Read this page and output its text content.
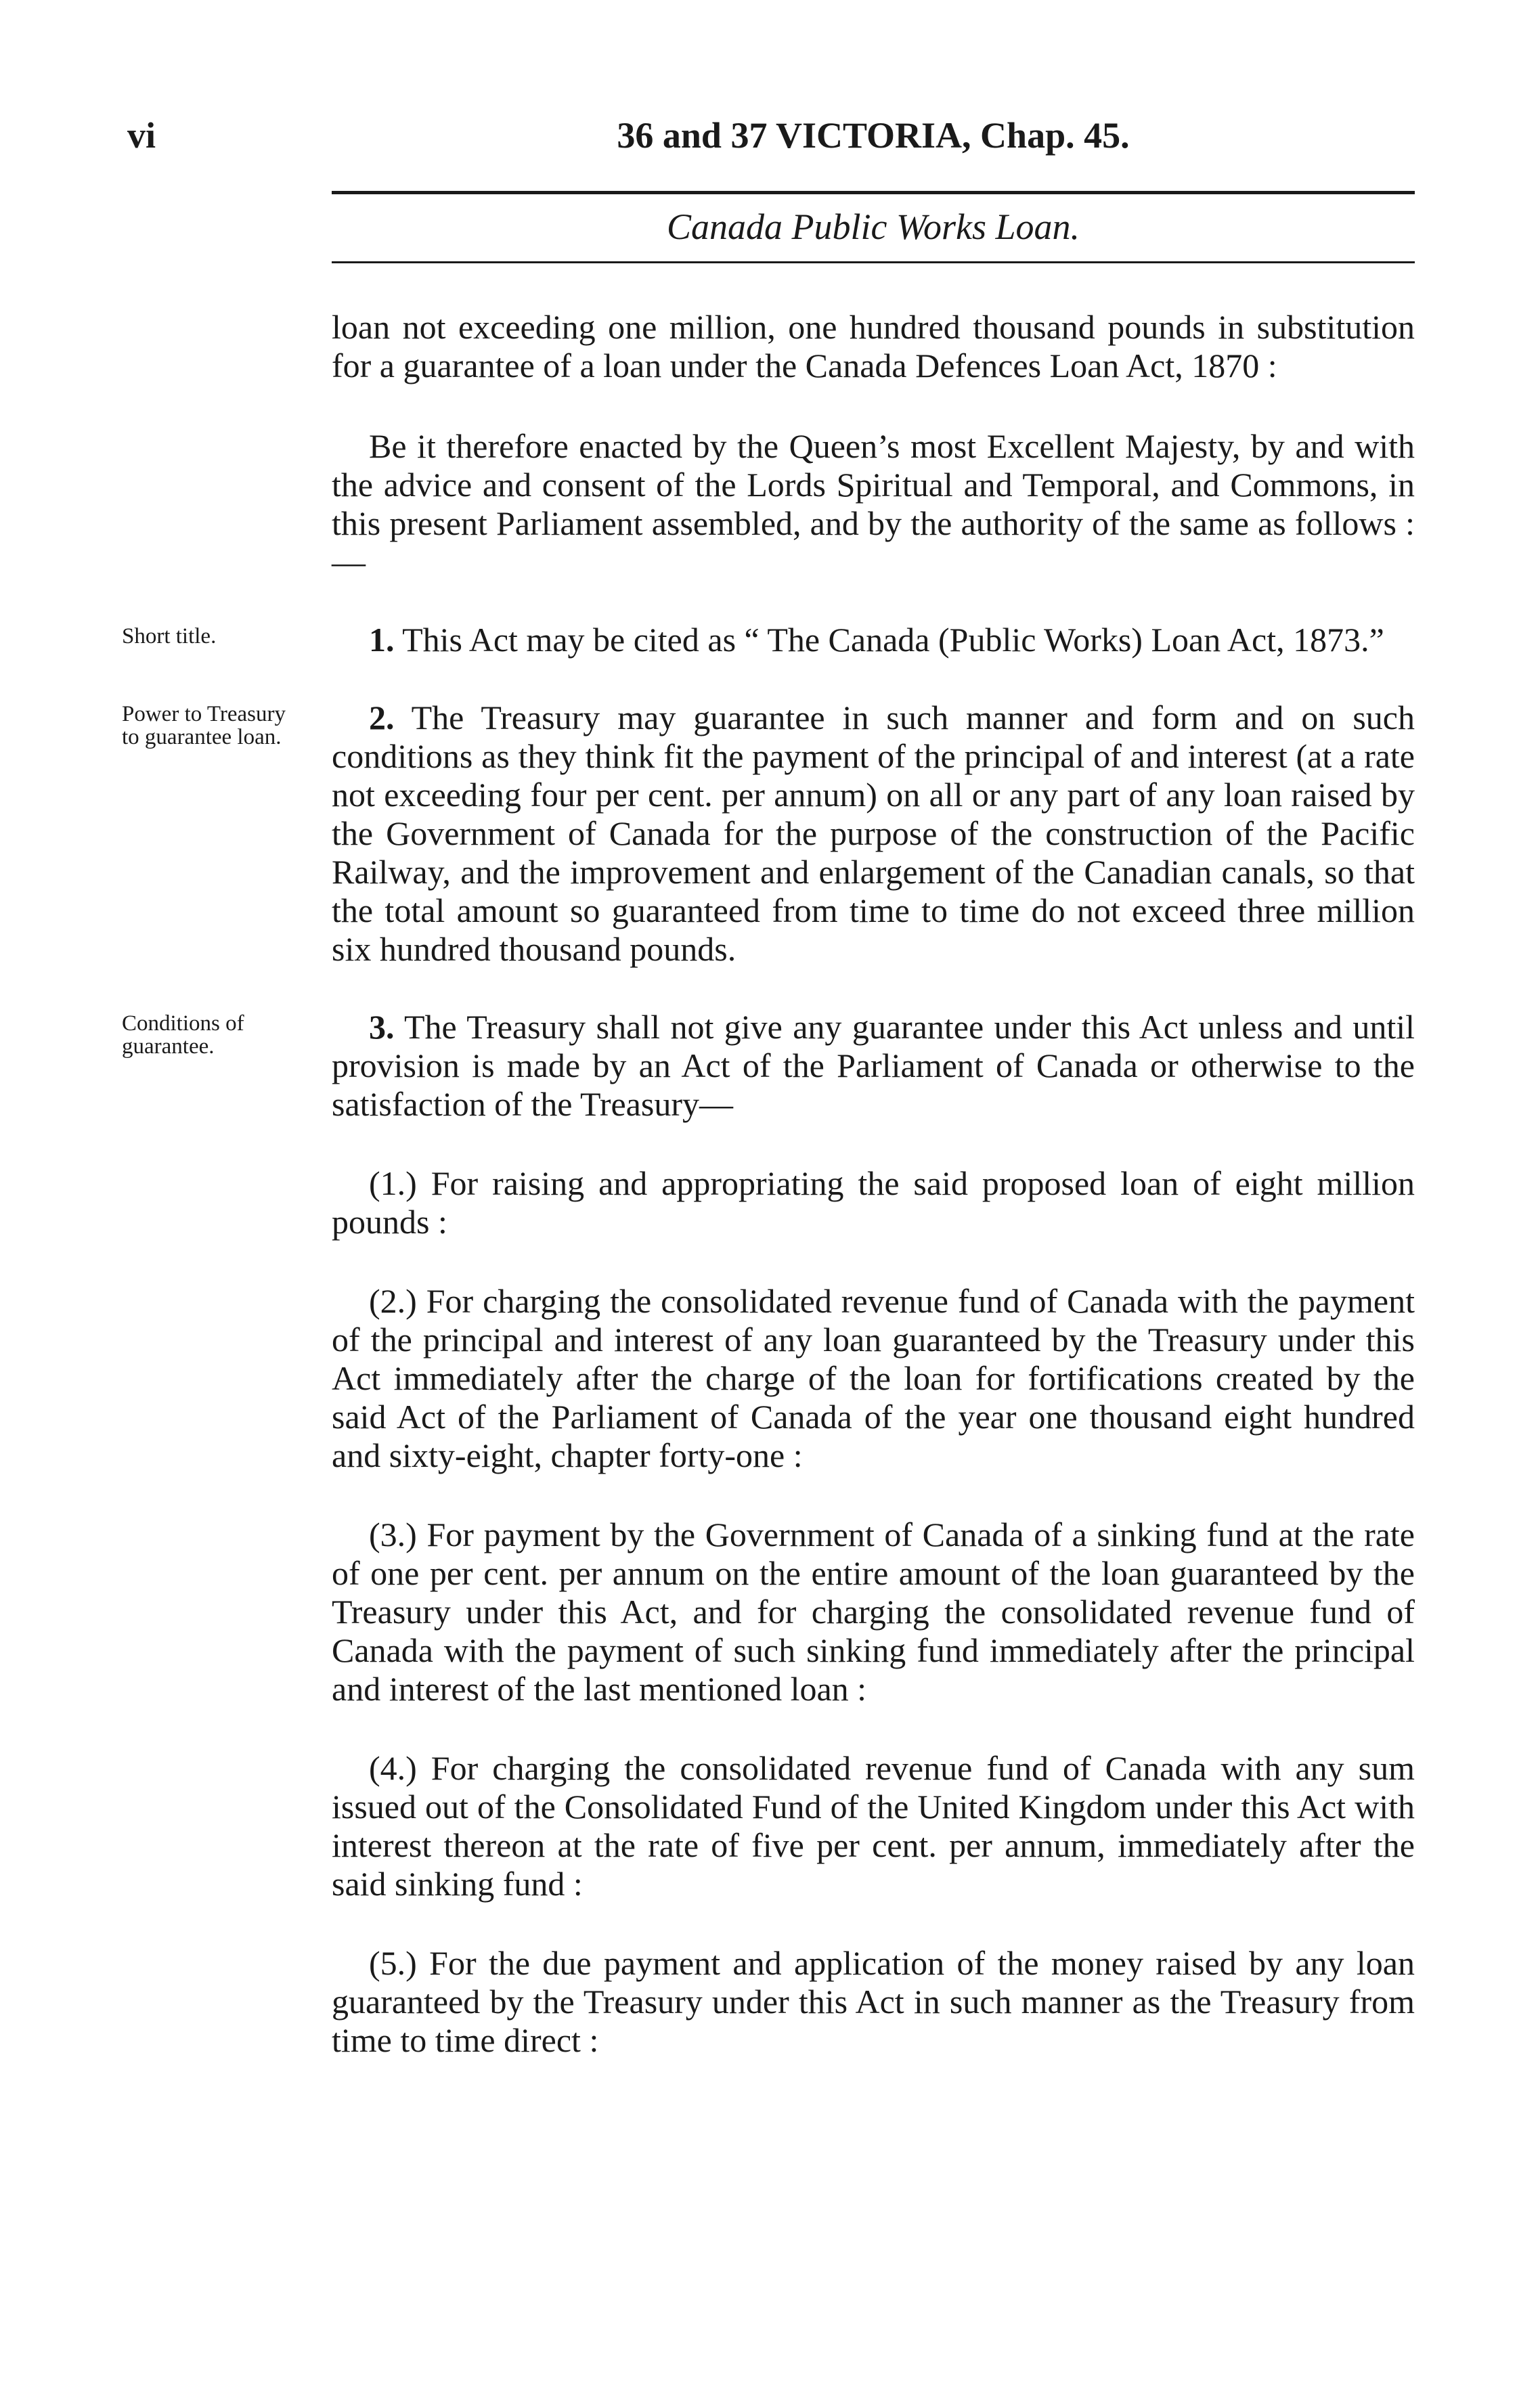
vi	36 and 37 VICTORIA, Chap. 45.
Canada Public Works Loan.

loan not exceeding one million, one hundred thousand pounds in substitution for a guarantee of a loan under the Canada Defences Loan Act, 1870 :

Be it therefore enacted by the Queen’s most Excellent Majesty, by and with the advice and consent of the Lords Spiritual and Temporal, and Commons, in this present Parliament assembled, and by the authority of the same as follows :—

Short title.	1. This Act may be cited as “ The Canada (Public Works) Loan Act, 1873.”
Power to Treasury to guarantee loan.
2. The Treasury may guarantee in such manner and form and on such conditions as they think fit the payment of the principal of and interest (at a rate not exceeding four per cent. per annum) on all or any part of any loan raised by the Government of Canada for the purpose of the construction of the Pacific Railway, and the improvement and enlargement of the Canadian canals, so that the total amount so guaranteed from time to time do not exceed three million six hundred thousand pounds.
Conditions of guarantee.
3. The Treasury shall not give any guarantee under this Act unless and until provision is made by an Act of the Parliament of Canada or otherwise to the satisfaction of the Treasury—

(1.) For raising and appropriating the said proposed loan of eight million pounds :

(2.) For charging the consolidated revenue fund of Canada with the payment of the principal and interest of any loan guaranteed by the Treasury under this Act immediately after the charge of the loan for fortifications created by the said Act of the Parliament of Canada of the year one thousand eight hundred and sixty-eight, chapter forty-one :

(3.) For payment by the Government of Canada of a sinking fund at the rate of one per cent. per annum on the entire amount of the loan guaranteed by the Treasury under this Act, and for charging the consolidated revenue fund of Canada with the payment of such sinking fund immediately after the principal and interest of the last mentioned loan :

(4.) For charging the consolidated revenue fund of Canada with any sum issued out of the Consolidated Fund of the United Kingdom under this Act with interest thereon at the rate of five per cent. per annum, immediately after the said sinking fund :

(5.) For the due payment and application of the money raised by any loan guaranteed by the Treasury under this Act in such manner as the Treasury from time to time direct :
